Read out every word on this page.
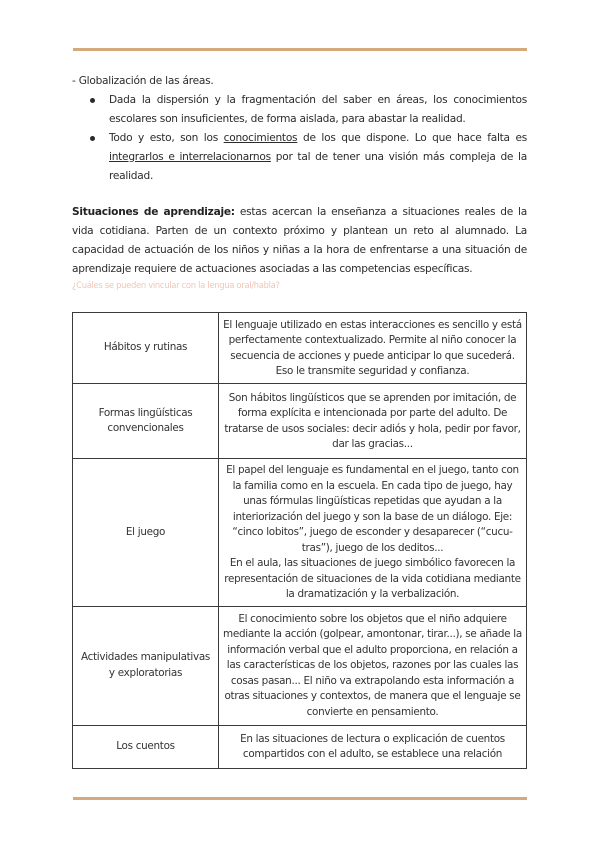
- Globalización de las áreas.

Dada la dispersión y la fragmentación del saber en áreas, los conocimientos escolares son insuficientes, de forma aislada, para abastar la realidad.
Todo y esto, son los conocimientos de los que dispone. Lo que hace falta es integrarlos e interrelacionarnos por tal de tener una visión más compleja de la realidad.

Situaciones de aprendizaje: estas acercan la enseñanza a situaciones reales de la vida cotidiana. Parten de un contexto próximo y plantean un reto al alumnado. La capacidad de actuación de los niños y niñas a la hora de enfrentarse a una situación de aprendizaje requiere de actuaciones asociadas a las competencias específicas.

¿Cuáles se pueden vincular con la lengua oral/habla?

Hábitos y rutinas	El lenguaje utilizado en estas interacciones es sencillo y está perfectamente contextualizado. Permite al niño conocer la secuencia de acciones y puede anticipar lo que sucederá. Eso le transmite seguridad y confianza.
Formas lingüísticas convencionales	Son hábitos lingüísticos que se aprenden por imitación, de forma explícita e intencionada por parte del adulto. De tratarse de usos sociales: decir adiós y hola, pedir por favor, dar las gracias...
El juego	El papel del lenguaje es fundamental en el juego, tanto con la familia como en la escuela. En cada tipo de juego, hay unas fórmulas lingüísticas repetidas que ayudan a la interiorización del juego y son la base de un diálogo. Eje: “cinco lobitos”, juego de esconder y desaparecer (“cucu-tras”), juego de los deditos...
En el aula, las situaciones de juego simbólico favorecen la representación de situaciones de la vida cotidiana mediante la dramatización y la verbalización.

Actividades manipulativas y exploratorias	El conocimiento sobre los objetos que el niño adquiere mediante la acción (golpear, amontonar, tirar...), se añade la información verbal que el adulto proporciona, en relación a las características de los objetos, razones por las cuales las cosas pasan... El niño va extrapolando esta información a otras situaciones y contextos, de manera que el lenguaje se convierte en pensamiento.
Los cuentos	En las situaciones de lectura o explicación de cuentos compartidos con el adulto, se establece una relación
